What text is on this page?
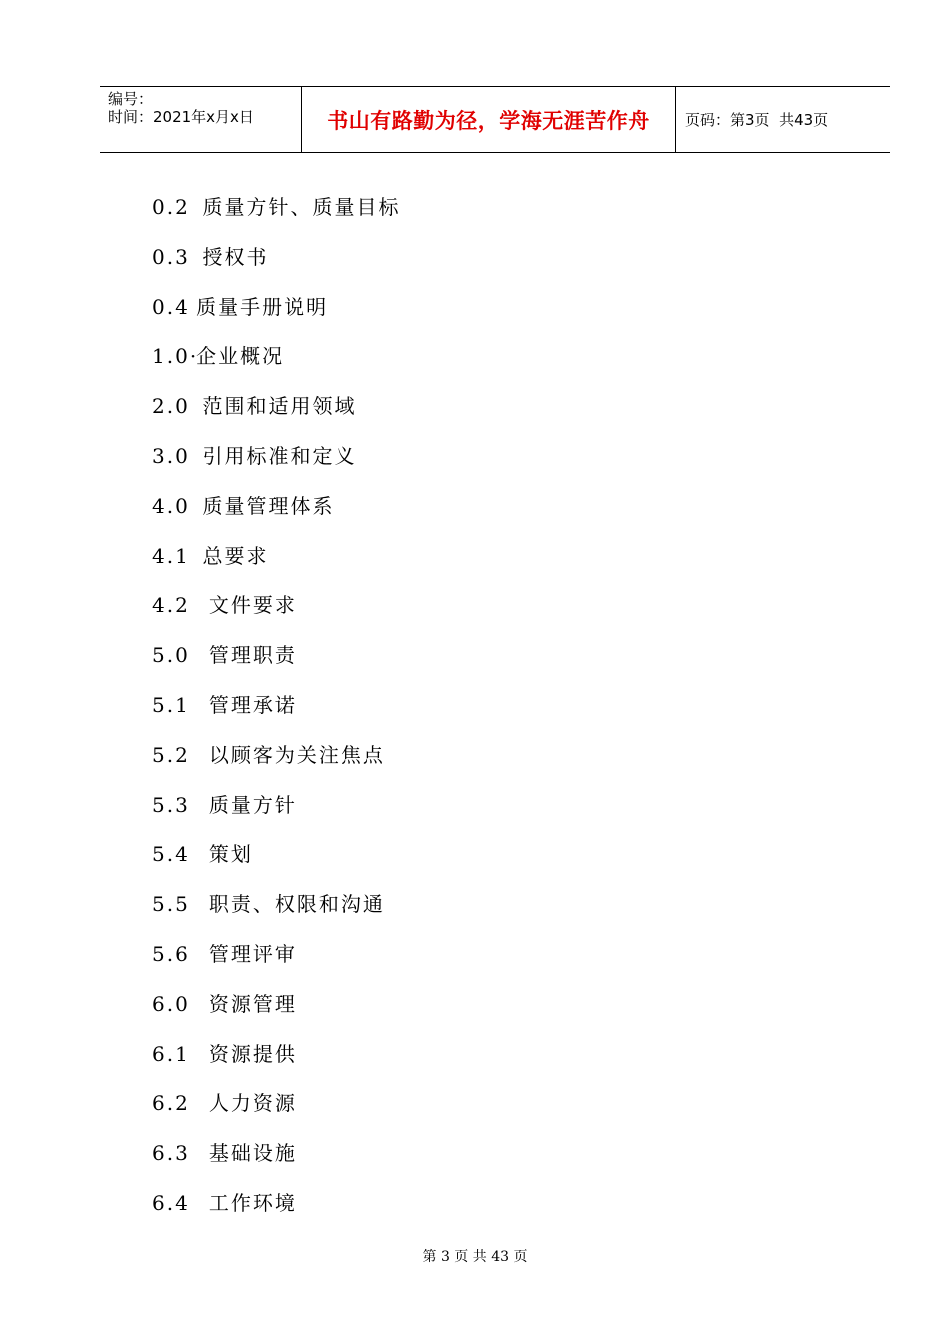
编号：
时间：2021年x月x日	书山有路勤为径，学海无涯苦作舟	页码：第3页  共43页
0.2 质量方针、质量目标
0.3 授权书
0.4 质量手册说明
1.0·企业概况
2.0 范围和适用领域
3.0 引用标准和定义
4.0 质量管理体系
4.1 总要求
4.2 文件要求
5.0 管理职责
5.1 管理承诺
5.2 以顾客为关注焦点
5.3 质量方针
5.4 策划
5.5 职责、权限和沟通
5.6 管理评审
6.0 资源管理
6.1 资源提供
6.2 人力资源
6.3 基础设施
6.4 工作环境
第 3 页 共 43 页
